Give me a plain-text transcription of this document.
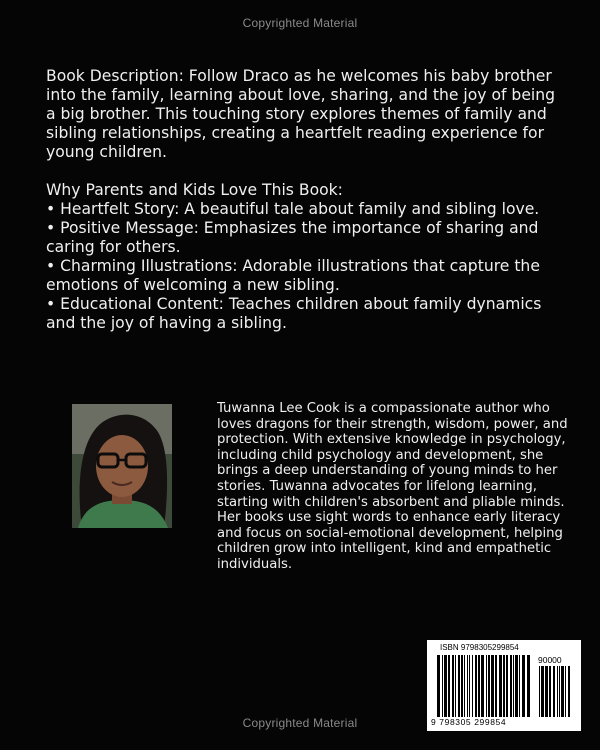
Copyrighted Material

Book Description: Follow Draco as he welcomes his baby brother into the family, learning about love, sharing, and the joy of being a big brother. This touching story explores themes of family and sibling relationships, creating a heartfelt reading experience for young children.

Why Parents and Kids Love This Book:

• Heartfelt Story: A beautiful tale about family and sibling love.
• Positive Message: Emphasizes the importance of sharing and caring for others.
• Charming Illustrations: Adorable illustrations that capture the emotions of welcoming a new sibling.
• Educational Content: Teaches children about family dynamics and the joy of having a sibling.

Tuwanna Lee Cook is a compassionate author who loves dragons for their strength, wisdom, power, and protection. With extensive knowledge in psychology, including child psychology and development, she brings a deep understanding of young minds to her stories. Tuwanna advocates for lifelong learning, starting with children's absorbent and pliable minds. Her books use sight words to enhance early literacy and focus on social-emotional development, helping children grow into intelligent, kind and empathetic individuals.

ISBN 9798305299854
90000
9 798305 299854
Copyrighted Material
